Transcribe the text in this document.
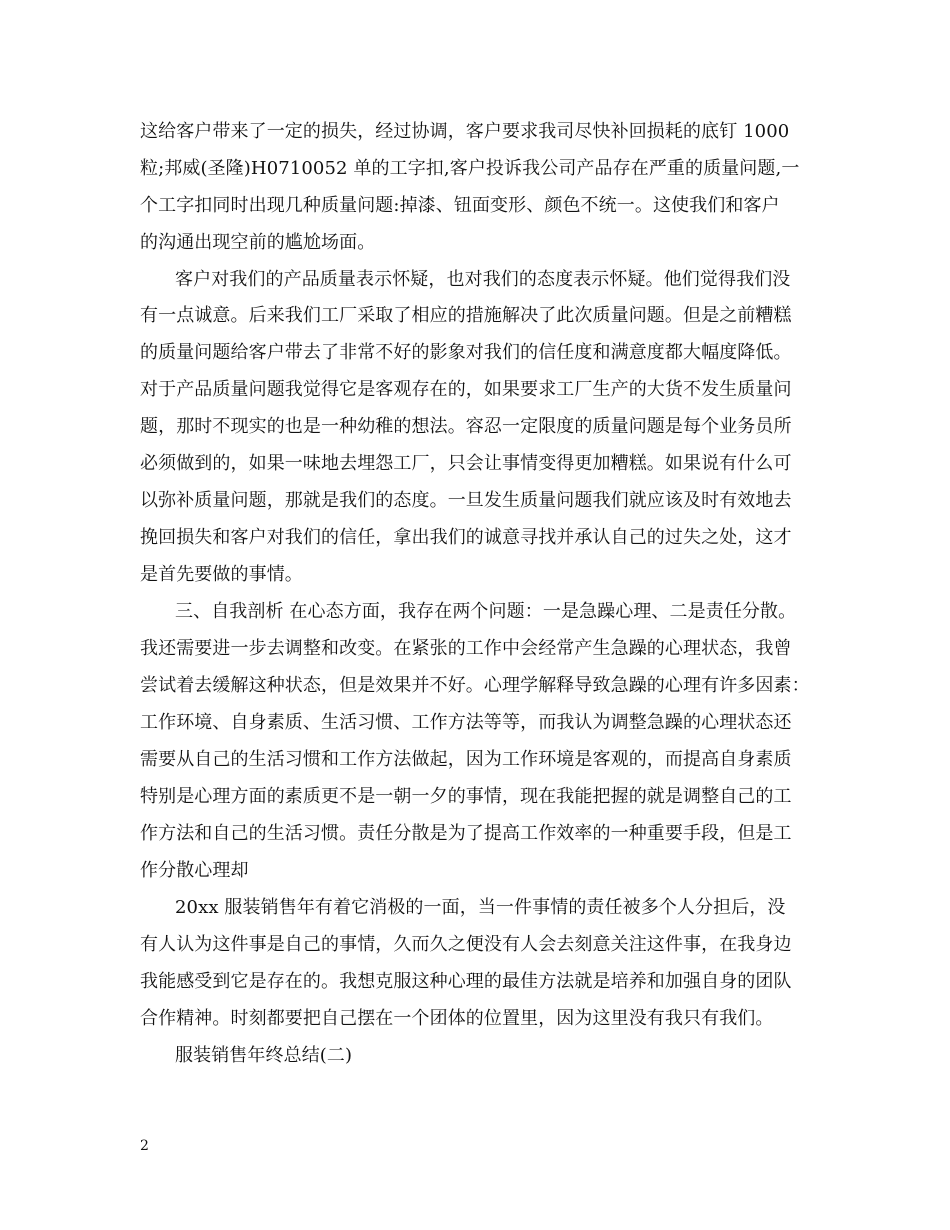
这给客户带来了一定的损失，经过协调，客户要求我司尽快补回损耗的底钉 1000
粒;邦威(圣隆)H0710052 单的工字扣,客户投诉我公司产品存在严重的质量问题,一
个工字扣同时出现几种质量问题:掉漆、钮面变形、颜色不统一。这使我们和客户
的沟通出现空前的尴尬场面。
客户对我们的产品质量表示怀疑，也对我们的态度表示怀疑。他们觉得我们没
有一点诚意。后来我们工厂采取了相应的措施解决了此次质量问题。但是之前糟糕
的质量问题给客户带去了非常不好的影象对我们的信任度和满意度都大幅度降低。
对于产品质量问题我觉得它是客观存在的，如果要求工厂生产的大货不发生质量问
题，那时不现实的也是一种幼稚的想法。容忍一定限度的质量问题是每个业务员所
必须做到的，如果一味地去埋怨工厂，只会让事情变得更加糟糕。如果说有什么可
以弥补质量问题，那就是我们的态度。一旦发生质量问题我们就应该及时有效地去
挽回损失和客户对我们的信任，拿出我们的诚意寻找并承认自己的过失之处，这才
是首先要做的事情。
三、自我剖析 在心态方面，我存在两个问题：一是急躁心理、二是责任分散。
我还需要进一步去调整和改变。在紧张的工作中会经常产生急躁的心理状态，我曾
尝试着去缓解这种状态，但是效果并不好。心理学解释导致急躁的心理有许多因素：
工作环境、自身素质、生活习惯、工作方法等等，而我认为调整急躁的心理状态还
需要从自己的生活习惯和工作方法做起，因为工作环境是客观的，而提高自身素质
特别是心理方面的素质更不是一朝一夕的事情，现在我能把握的就是调整自己的工
作方法和自己的生活习惯。责任分散是为了提高工作效率的一种重要手段，但是工
作分散心理却
20xx 服装销售年有着它消极的一面，当一件事情的责任被多个人分担后，没
有人认为这件事是自己的事情，久而久之便没有人会去刻意关注这件事，在我身边
我能感受到它是存在的。我想克服这种心理的最佳方法就是培养和加强自身的团队
合作精神。时刻都要把自己摆在一个团体的位置里，因为这里没有我只有我们。
服装销售年终总结(二)
2
